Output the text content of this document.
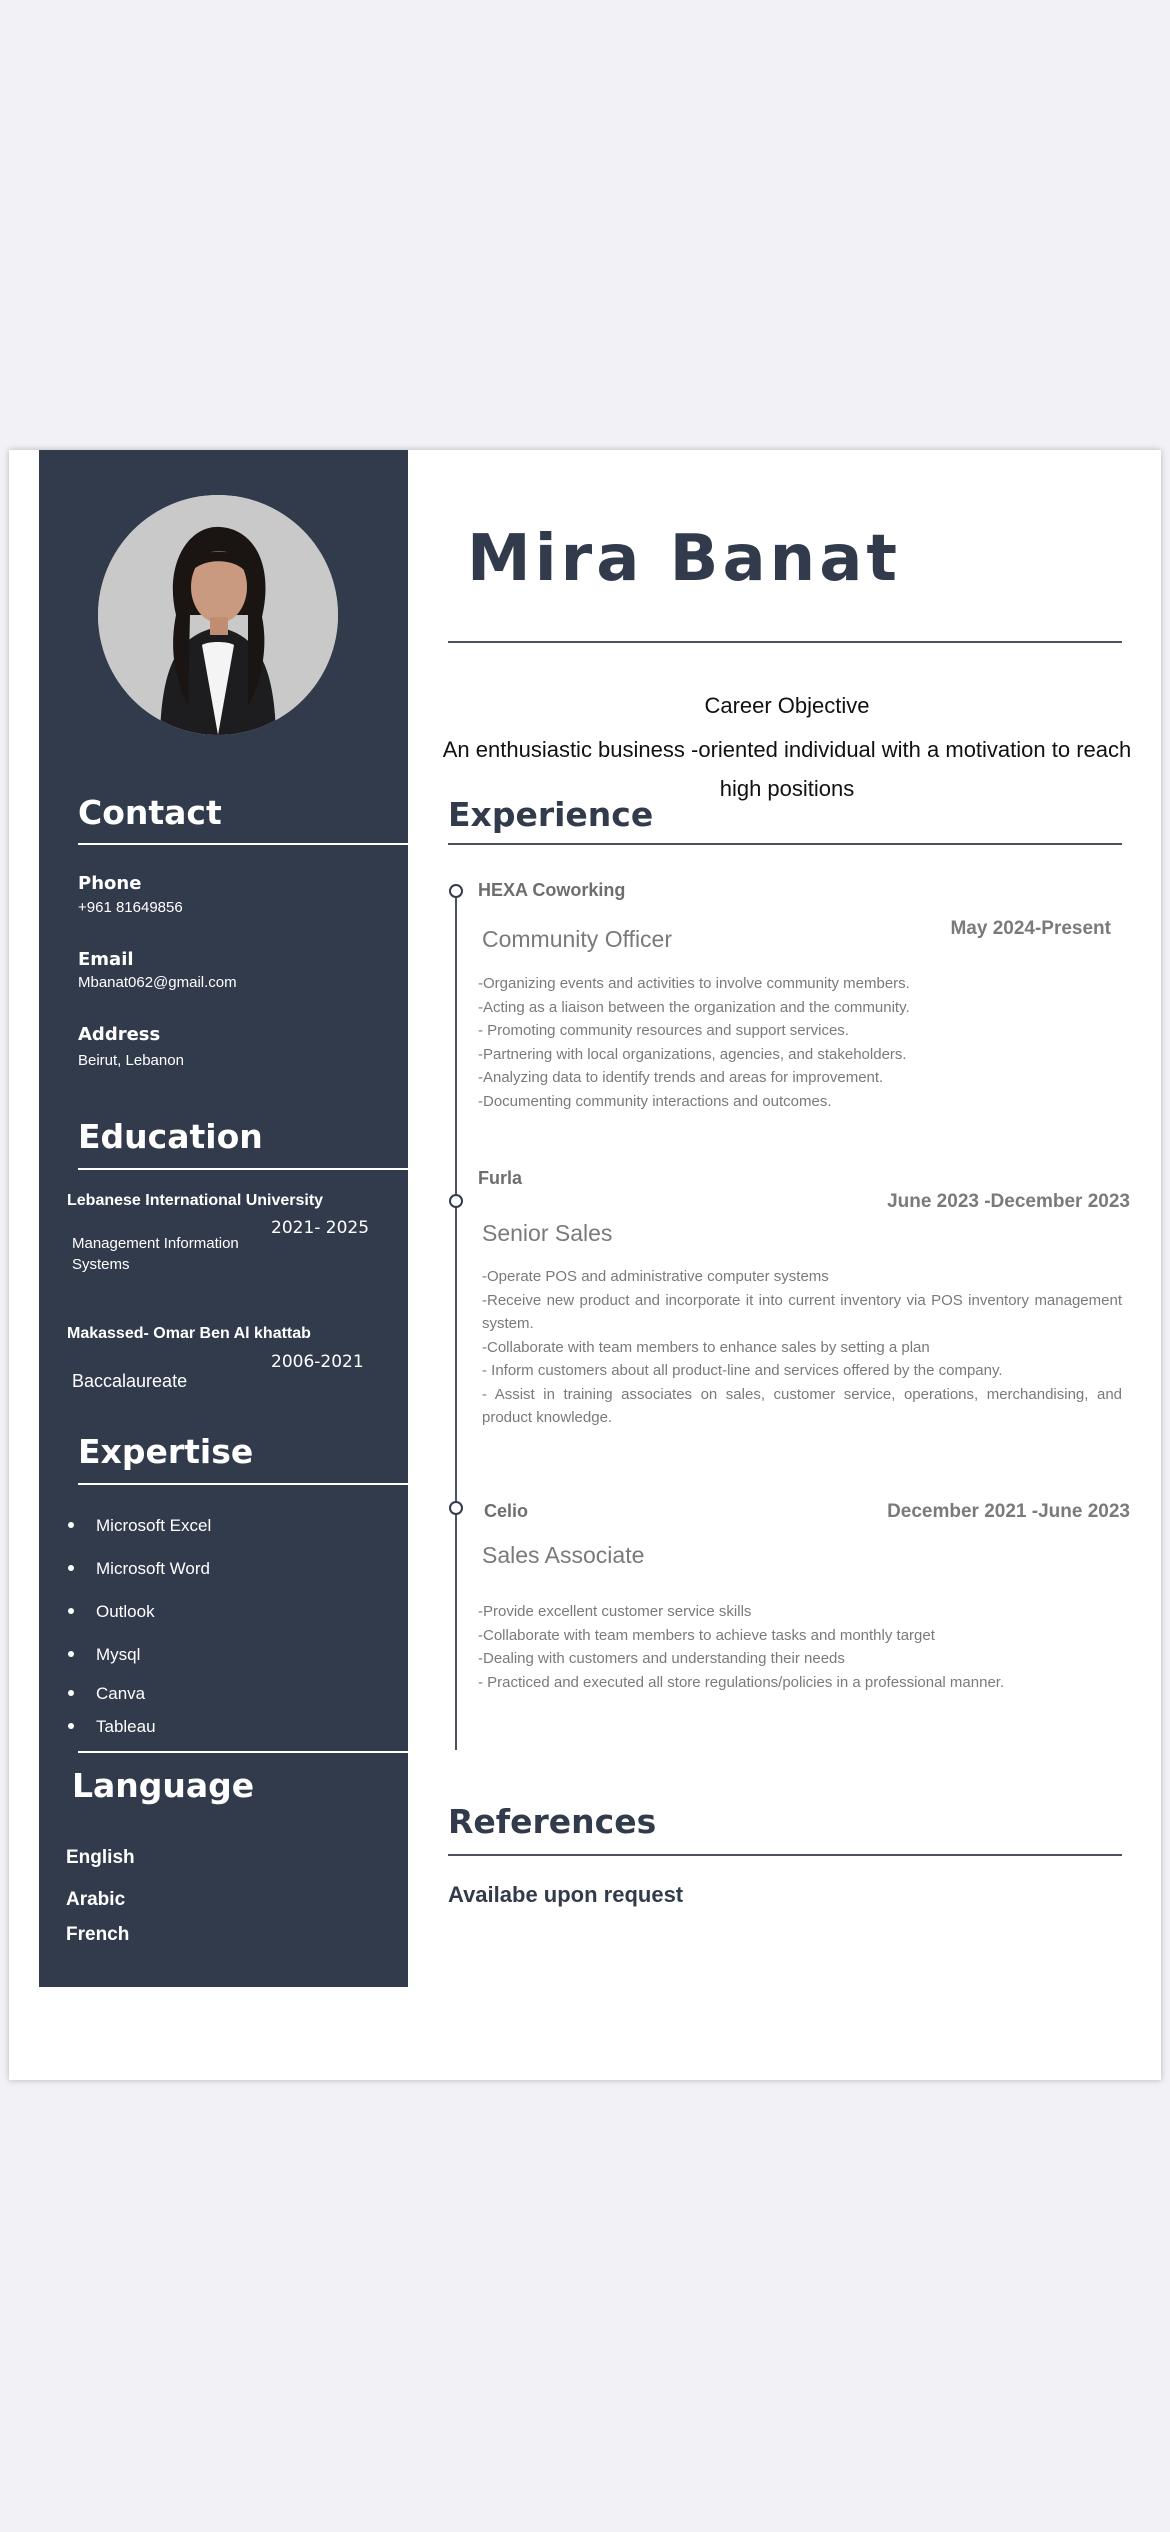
Contact
Phone
+961 81649856
Email
Mbanat062@gmail.com
Address
Beirut, Lebanon
Education
Lebanese International University
Management Information Systems
2021- 2025
Makassed- Omar Ben Al khattab
Baccalaureate
2006-2021
Expertise
Microsoft Excel
Microsoft Word
Outlook
Mysql
Canva
Tableau
Language
English
Arabic
French
Mira Banat
Career Objective
An enthusiastic business -oriented individual with a motivation to reach high positions
Experience
HEXA Coworking
Community Officer	May 2024-Present
-Organizing events and activities to involve community members.
-Acting as a liaison between the organization and the community.
- Promoting community resources and support services.
-Partnering with local organizations, agencies, and stakeholders.
-Analyzing data to identify trends and areas for improvement.
-Documenting community interactions and outcomes.
Furla
June 2023 -December 2023
Senior Sales
-Operate POS and administrative computer systems
-Receive new product and incorporate it into current inventory via POS inventory management system.
-Collaborate with team members to enhance sales by setting a plan
- Inform customers about all product-line and services offered by the company.
- Assist in training associates on sales, customer service, operations, merchandising, and product knowledge.
Celio	December 2021 -June 2023
Sales Associate
-Provide excellent customer service skills
-Collaborate with team members to achieve tasks and monthly target
-Dealing with customers and understanding their needs
- Practiced and executed all store regulations/policies in a professional manner.
References
Availabe upon request
